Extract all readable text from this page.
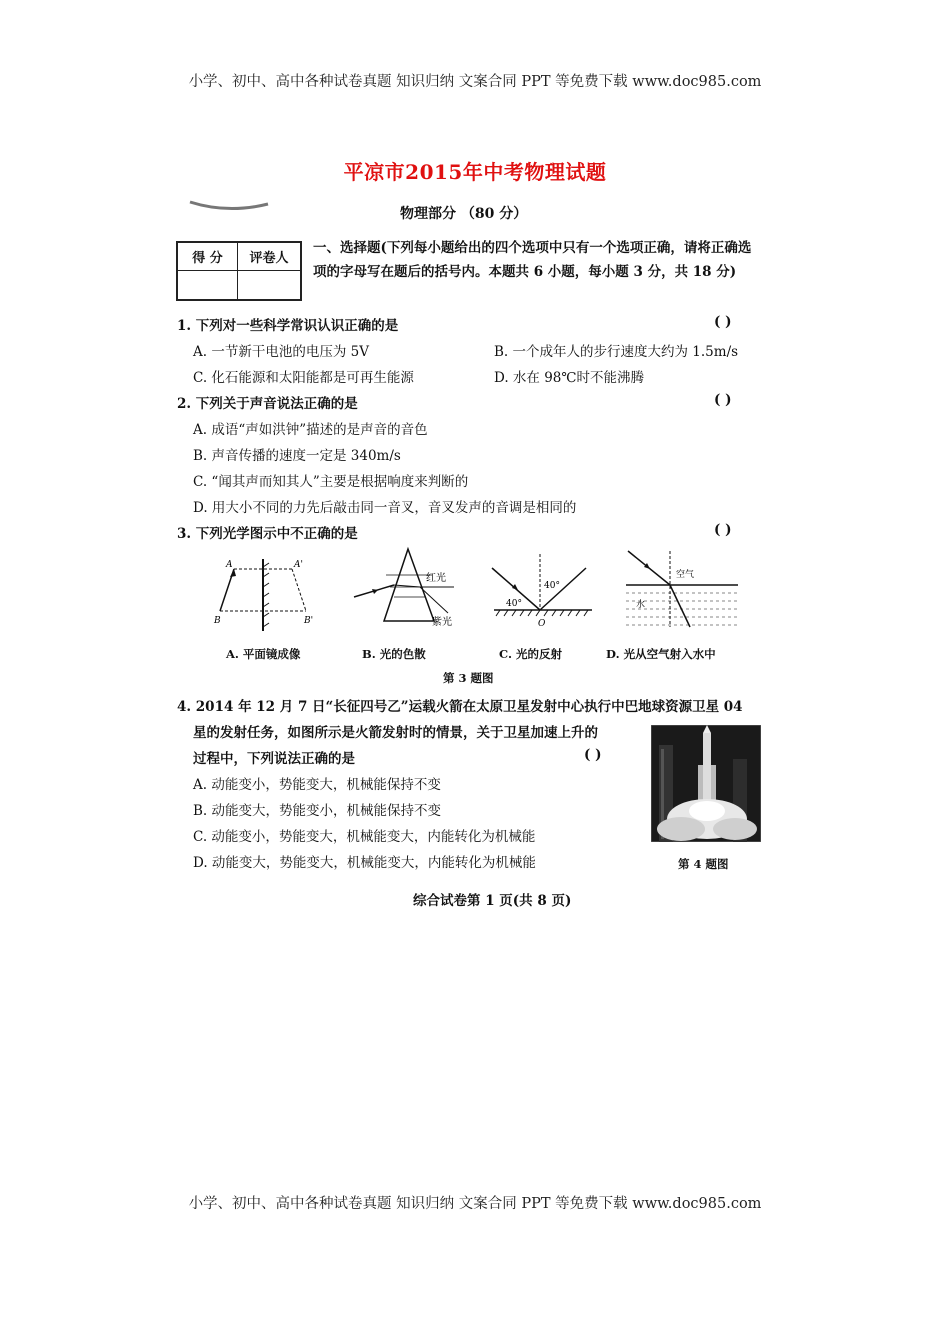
小学、初中、高中各种试卷真题 知识归纳 文案合同 PPT 等免费下载 www.doc985.com
平凉市2015年中考物理试题
物理部分 （80 分）
得 分	评卷人
一、选择题(下列每小题给出的四个选项中只有一个选项正确，请将正确选项的字母写在题后的括号内。本题共 6 小题，每小题 3 分，共 18 分)
1. 下列对一些科学常识认识正确的是	( )
A. 一节新干电池的电压为 5V	B. 一个成年人的步行速度大约为 1.5m/s
C. 化石能源和太阳能都是可再生能源	D. 水在 98℃时不能沸腾
2. 下列关于声音说法正确的是	( )
A. 成语“声如洪钟”描述的是声音的音色
B. 声音传播的速度一定是 340m/s
C. “闻其声而知其人”主要是根据响度来判断的
D. 用大小不同的力先后敲击同一音叉，音叉发声的音调是相同的
3. 下列光学图示中不正确的是	( )
A	A'
B	B'
红光
紫光
40°
40°
O
空气
水
A. 平面镜成像	B. 光的色散	C. 光的反射	D. 光从空气射入水中
第 3 题图
4. 2014 年 12 月 7 日“长征四号乙”运载火箭在太原卫星发射中心执行中巴地球资源卫星 04
星的发射任务，如图所示是火箭发射时的情景，关于卫星加速上升的
过程中，下列说法正确的是	( )
A. 动能变小，势能变大，机械能保持不变
B. 动能变大，势能变小，机械能保持不变
C. 动能变小，势能变大，机械能变大，内能转化为机械能
D. 动能变大，势能变大，机械能变大，内能转化为机械能	第 4 题图
综合试卷第 1 页(共 8 页)
小学、初中、高中各种试卷真题 知识归纳 文案合同 PPT 等免费下载 www.doc985.com
